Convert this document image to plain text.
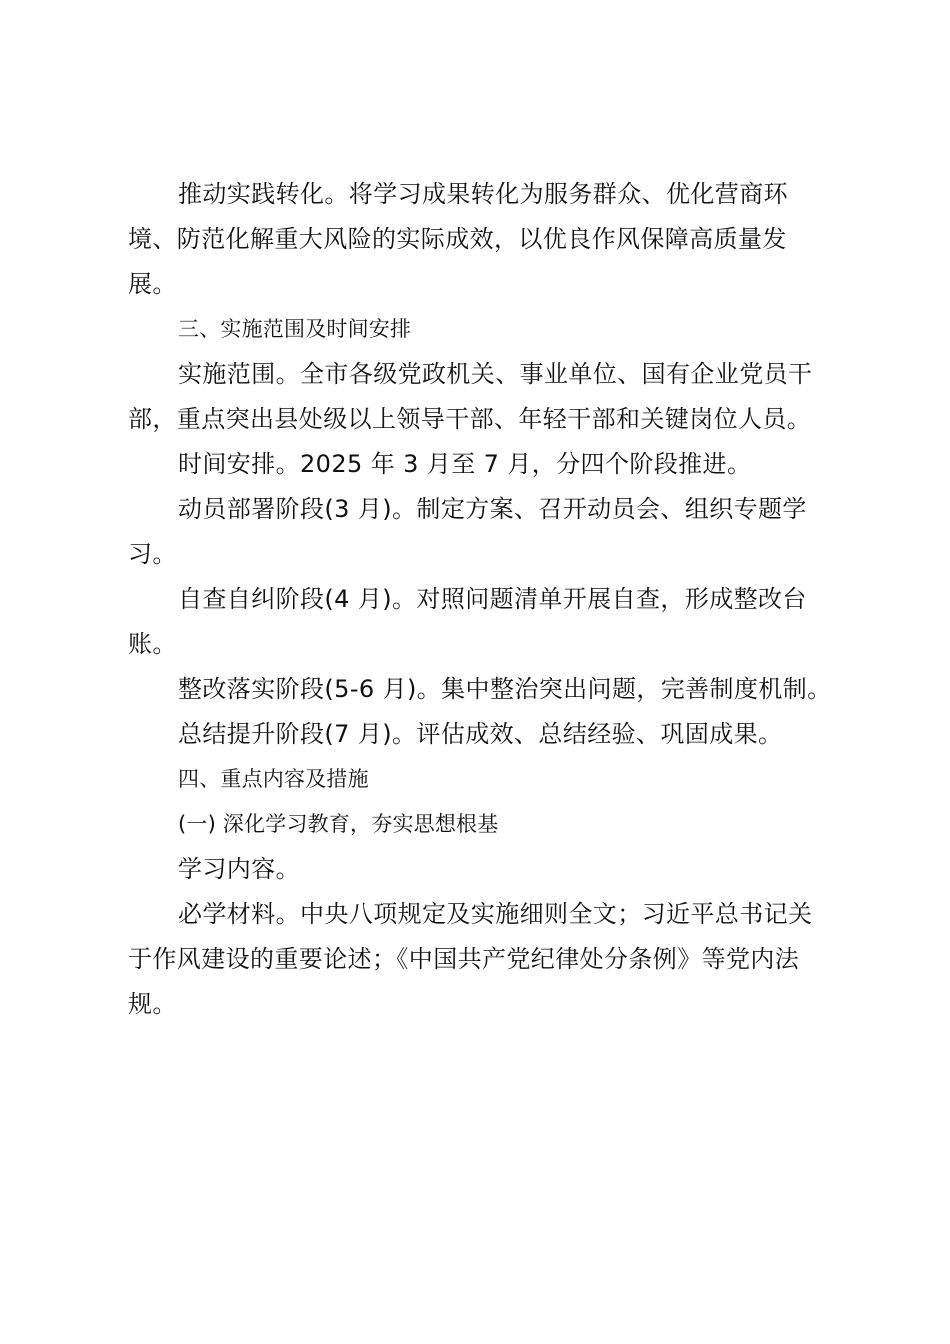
推动实践转化。将学习成果转化为服务群众、优化营商环境、防范化解重大风险的实际成效，以优良作风保障高质量发展。

三、实施范围及时间安排

实施范围。全市各级党政机关、事业单位、国有企业党员干部，重点突出县处级以上领导干部、年轻干部和关键岗位人员。

时间安排。2025 年 3 月至 7 月，分四个阶段推进。

动员部署阶段(3 月)。制定方案、召开动员会、组织专题学习。

自查自纠阶段(4 月)。对照问题清单开展自查，形成整改台账。

整改落实阶段(5-6 月)。集中整治突出问题，完善制度机制。

总结提升阶段(7 月)。评估成效、总结经验、巩固成果。

四、重点内容及措施

(一) 深化学习教育，夯实思想根基

学习内容。

必学材料。中央八项规定及实施细则全文；习近平总书记关于作风建设的重要论述；《中国共产党纪律处分条例》等党内法规。
